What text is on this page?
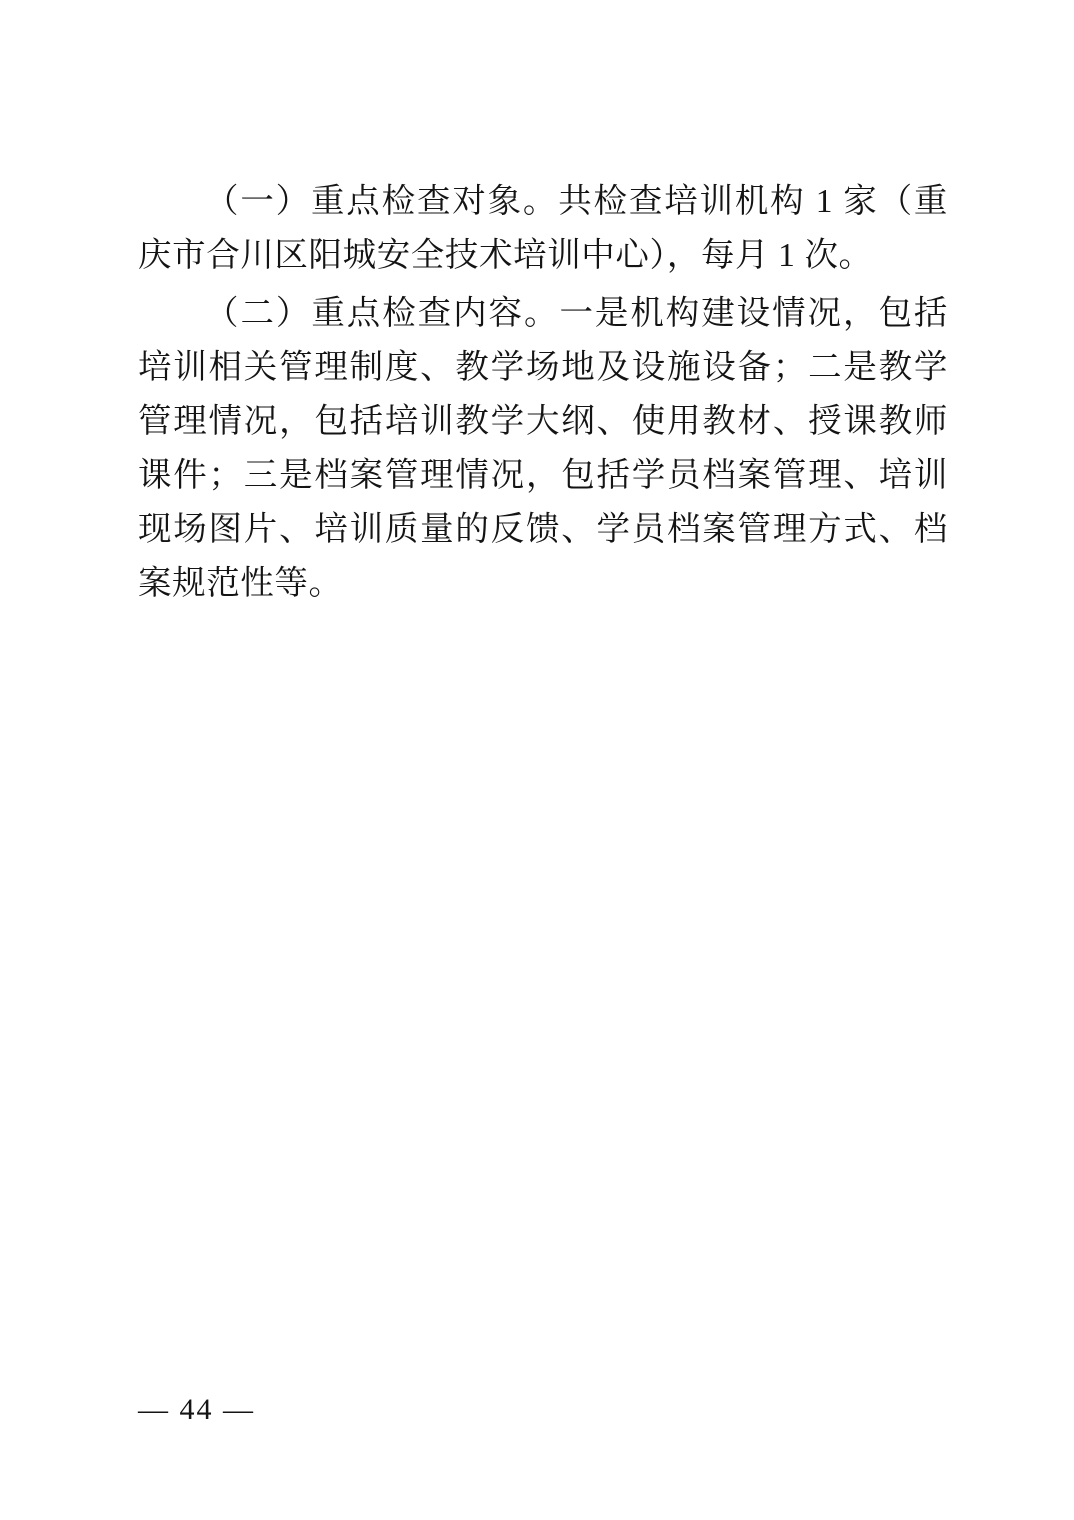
（一）重点检查对象。共检查培训机构 1 家（重庆市合川区阳城安全技术培训中心），每月 1 次。

（二）重点检查内容。一是机构建设情况，包括培训相关管理制度、教学场地及设施设备；二是教学管理情况，包括培训教学大纲、使用教材、授课教师课件；三是档案管理情况，包括学员档案管理、培训现场图片、培训质量的反馈、学员档案管理方式、档案规范性等。

— 44 —
